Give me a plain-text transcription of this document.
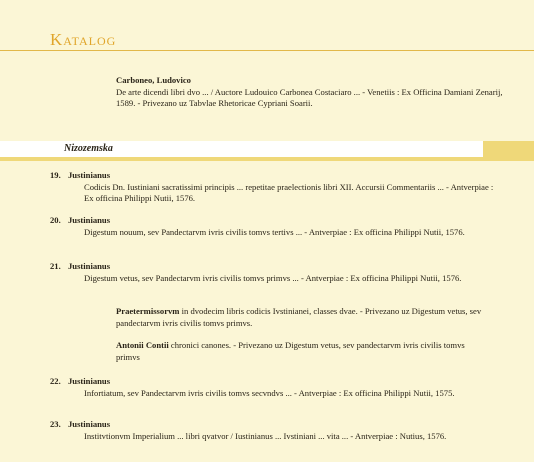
Katalog
Carboneo, Ludovico
De arte dicendi libri dvo ... / Auctore Ludouico Carbonea Costaciaro ... - Venetiis : Ex Officina Damiani Zenarij, 1589. - Privezano uz Tabvlae Rhetoricae Cypriani Soarii.
Nizozemska
19. Justinianus
Codicis Dn. Iustiniani sacratissimi principis ... repetitae praelectionis libri XII. Accursii Commentariis ... - Antverpiae : Ex officina Philippi Nutii, 1576.
20. Justinianus
Digestum nouum, sev Pandectarvm ivris civilis tomvs tertivs ... - Antverpiae : Ex officina Philippi Nutii, 1576.
21. Justinianus
Digestum vetus, sev Pandectarvm ivris civilis tomvs primvs ... - Antverpiae : Ex officina Philippi Nutii, 1576.
Praetermissorvm in dvodecim libris codicis Ivstinianei, classes dvae. - Privezano uz Digestum vetus, sev pandectarvm ivris civilis tomvs primvs.
Antonii Contii chronici canones. - Privezano uz Digestum vetus, sev pandectarvm ivris civilis tomvs primvs
22. Justinianus
Infortiatum, sev Pandectarvm ivris civilis tomvs secvndvs ... - Antverpiae : Ex officina Philippi Nutii, 1575.
23. Justinianus
Institvtionvm Imperialium ... libri qvatvor / Iustinianus ... Ivstiniani ... vita ... - Antverpiae : Nutius, 1576.
